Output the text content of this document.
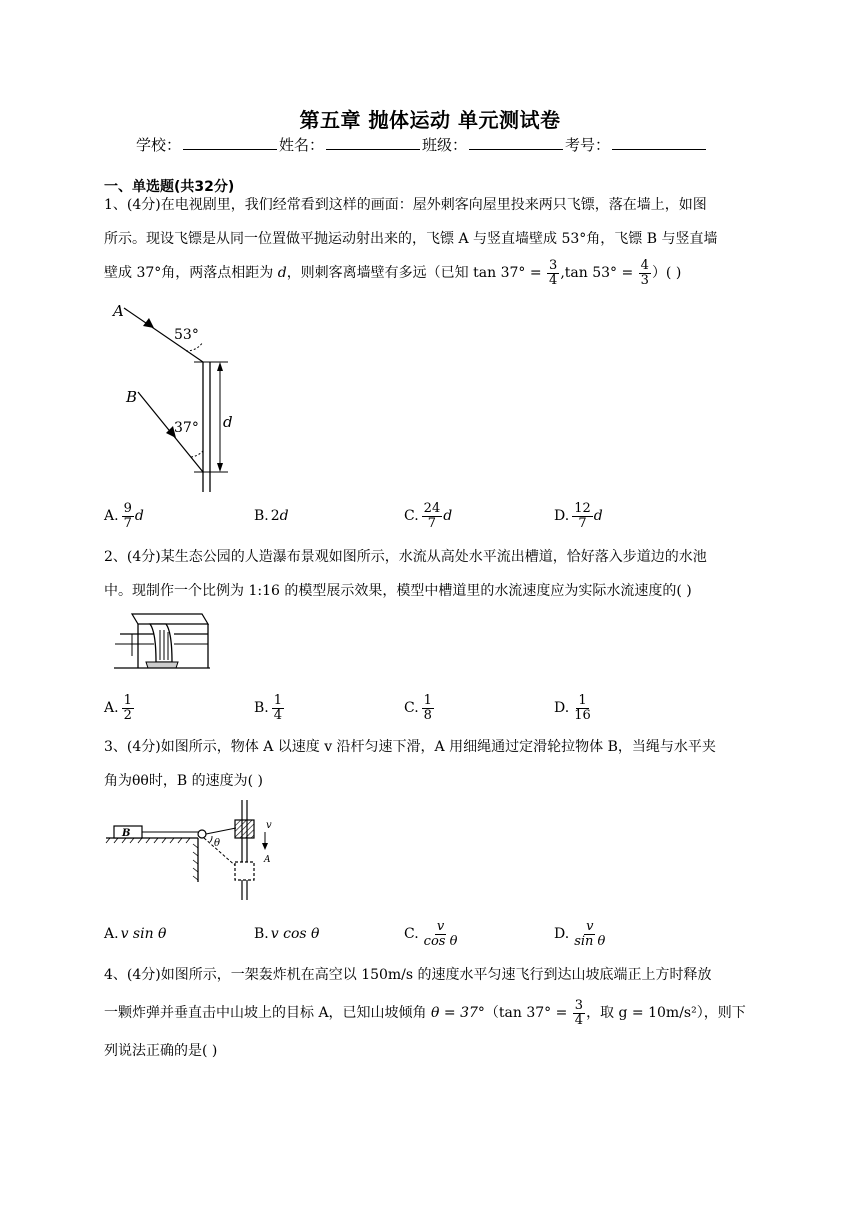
第五章 抛体运动 单元测试卷
学校：	姓名：	班级：	考号：
一、单选题(共32分)

1、(4分)在电视剧里，我们经常看到这样的画面：屋外刺客向屋里投来两只飞镖，落在墙上，如图

所示。现设飞镖是从同一位置做平抛运动射出来的，飞镖 A 与竖直墙壁成 53°角，飞镖 B 与竖直墙

壁成 37°角，两落点相距为 d，则刺客离墙壁有多远（已知 $\tan 37^\circ = \frac{3}{4} ,\tan$ $53^\circ = \frac{4}{3}$ ）( )

A
53°
B
37° d
A. $\frac{9}{7}$ d	B. 2 d	C. $\frac{24}{7}$ d	D. $\frac{12}{7}$ d

2、(4分)某生态公园的人造瀑布景观如图所示，水流从高处水平流出槽道，恰好落入步道边的水池

中。现制作一个比例为 1:16 的模型展示效果，模型中槽道里的水流速度应为实际水流速度的( )

A. $\frac{1}{2}$	B. $\frac{1}{4}$	C. $\frac{1}{8}$	D. $\frac{1}{16}$

3、(4分)如图所示，物体 A 以速度 v 沿杆匀速下滑，A 用细绳通过定滑轮拉物体 B，当绳与水平夹

角为θθ时，B 的速度为( )

B
θ
v
A
A. v sin θ	B. v cos θ	C. $\frac{v}{\text{cos θ}}$	D. $\frac{v}{\text{sin θ}}$

4、(4分)如图所示，一架轰炸机在高空以 150m/s 的速度水平匀速飞行到达山坡底端正上方时释放

一颗炸弹并垂直击中山坡上的目标 A，已知山坡倾角 θ = 37°（tan $37^\circ = \frac{3}{4}$ ，取 g = 10m/s²），则下

列说法正确的是( )
